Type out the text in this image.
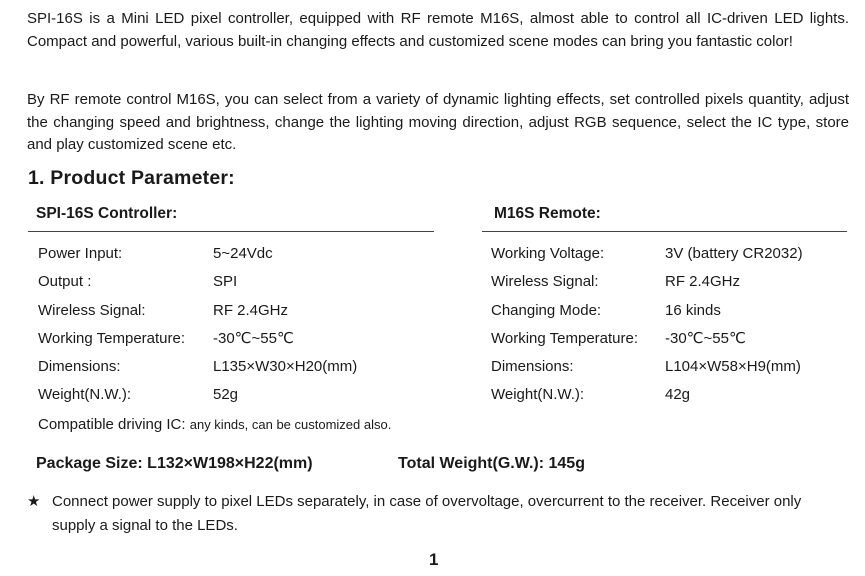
SPI-16S is a Mini LED pixel controller, equipped with RF remote M16S, almost able to control all IC-driven LED lights. Compact and powerful, various built-in changing effects and customized scene modes can bring you fantastic color!

By RF remote control M16S, you can select from a variety of dynamic lighting effects, set controlled pixels quantity, adjust the changing speed and brightness, change the lighting moving direction, adjust RGB sequence, select the IC type, store and play customized scene etc.

1. Product Parameter:
SPI-16S Controller:	M16S Remote:
Power Input:	5~24Vdc
Output :	SPI
Wireless Signal:	RF 2.4GHz
Working Temperature: -30℃~55℃
Dimensions:	L135×W30×H20(mm)
Weight(N.W.):	52g
Working Voltage:	3V (battery CR2032)
Wireless Signal:	RF 2.4GHz
Changing Mode:	16 kinds
Working Temperature: -30℃~55℃
Dimensions:	L104×W58×H9(mm)
Weight(N.W.):	42g
Compatible driving IC: any kinds, can be customized also.
Package Size: L132×W198×H22(mm)	Total Weight(G.W.): 145g
★ Connect power supply to pixel LEDs separately, in case of overvoltage, overcurrent to the receiver. Receiver only supply a signal to the LEDs.
1
